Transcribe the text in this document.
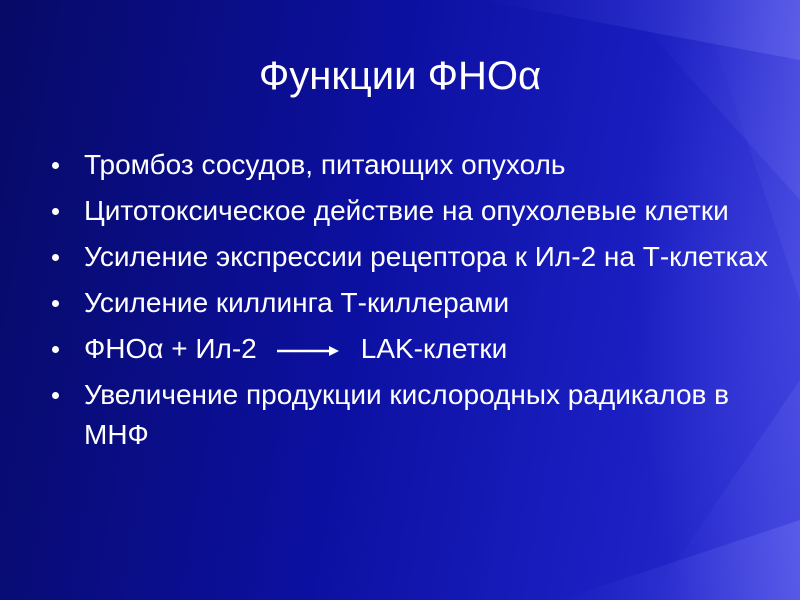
Функции ФНОα
Тромбоз сосудов, питающих опухоль
Цитотоксическое действие на опухолевые клетки
Усиление экспрессии рецептора к Ил-2 на Т-клетках
Усиление киллинга Т-киллерами
ФНОα + Ил-2	LAK-клетки
Увеличение продукции кислородных радикалов в МНФ
